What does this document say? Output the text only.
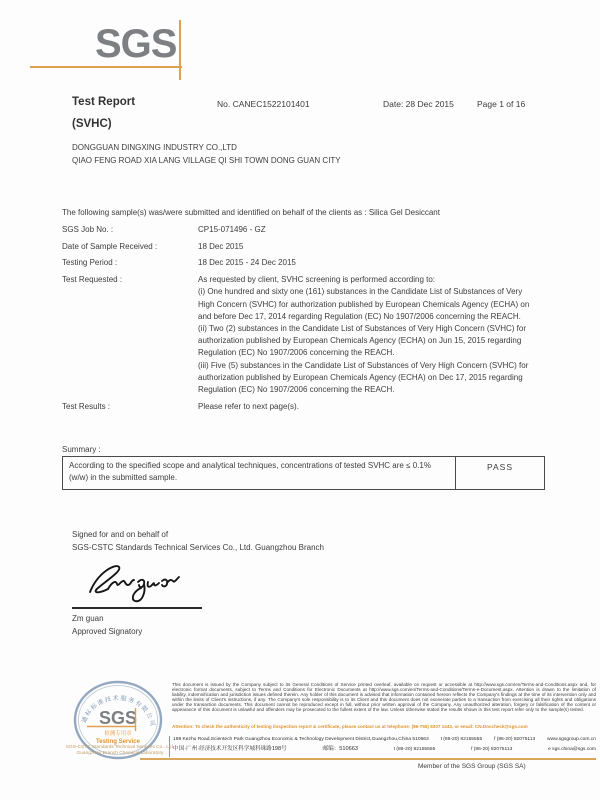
SGS
Test Report
(SVHC)
No. CANEC1522101401	Date: 28 Dec 2015	Page 1 of 16
DONGGUAN DINGXING INDUSTRY CO.,LTD
QIAO FENG ROAD XIA LANG VILLAGE QI SHI TOWN DONG GUAN CITY
The following sample(s) was/were submitted and identified on behalf of the clients as : Silica Gel Desiccant
SGS Job No. :	CP15-071496 - GZ
Date of Sample Received :	18 Dec 2015
Testing Period :	18 Dec 2015 - 24 Dec 2015
Test Requested :	As requested by client, SVHC screening is performed according to:

(i) One hundred and sixty one (161) substances in the Candidate List of Substances of Very High Concern (SVHC) for authorization published by European Chemicals Agency (ECHA) on and before Dec 17, 2014 regarding Regulation (EC) No 1907/2006 concerning the REACH.

(ii) Two (2) substances in the Candidate List of Substances of Very High Concern (SVHC) for authorization published by European Chemicals Agency (ECHA) on Jun 15, 2015 regarding Regulation (EC) No 1907/2006 concerning the REACH.

(iii) Five (5) substances in the Candidate List of Substances of Very High Concern (SVHC) for authorization published by European Chemicals Agency (ECHA) on Dec 17, 2015 regarding Regulation (EC) No 1907/2006 concerning the REACH.

Test Results :	Please refer to next page(s).
Summary :
According to the specified scope and analytical techniques, concentrations of tested SVHC are ≤ 0.1% (w/w) in the submitted sample.
PASS
Signed for and on behalf of
SGS-CSTC Standards Technical Services Co., Ltd. Guangzhou Branch
Zm guan
Approved Signatory
This document is issued by the Company subject to its General Conditions of Service printed overleaf, available on request or accessible at http://www.sgs.com/en/Terms-and-Conditions.aspx and, for electronic format documents, subject to Terms and Conditions for Electronic Documents at http://www.sgs.com/en/Terms-and-Conditions/Terms-e-Document.aspx. Attention is drawn to the limitation of liability, indemnification and jurisdiction issues defined therein. Any holder of this document is advised that information contained hereon reflects the Company's findings at the time of its intervention only and within the limits of Client's instructions, if any. The Company's sole responsibility is to its Client and this document does not exonerate parties to a transaction from exercising all their rights and obligations under the transaction documents. This document cannot be reproduced except in full, without prior written approval of the Company. Any unauthorized alteration, forgery or falsification of the content or appearance of this document is unlawful and offenders may be prosecuted to the fullest extent of the law. Unless otherwise stated the results shown in this test report refer only to the sample(s) tested.
Attention: To check the authenticity of testing /inspection report & certificate, please contact us at telephone: (86-755) 8307 1443, or email: CN.Doccheck@sgs.com
198 Kezhu Road,Scientech Park Guangzhou Economic & Technology Development District,Guangzhou,China 510663 t (86-20) 82155555 f (86-20) 82075113 www.sgsgroup.com.cn
中国·广州·经济技术开发区科学城科珠路198号	邮编：510663	t (86-20) 82155555	f (86-20) 82075113	e sgs.china@sgs.com
Member of the SGS Group (SGS SA)
通标标准技术服务有限公司
SGS
检测专用章
Testing Service
SGS-CSTC Standards Technical Services Co., Ltd.
Guangzhou Branch Chemical Laboratory
